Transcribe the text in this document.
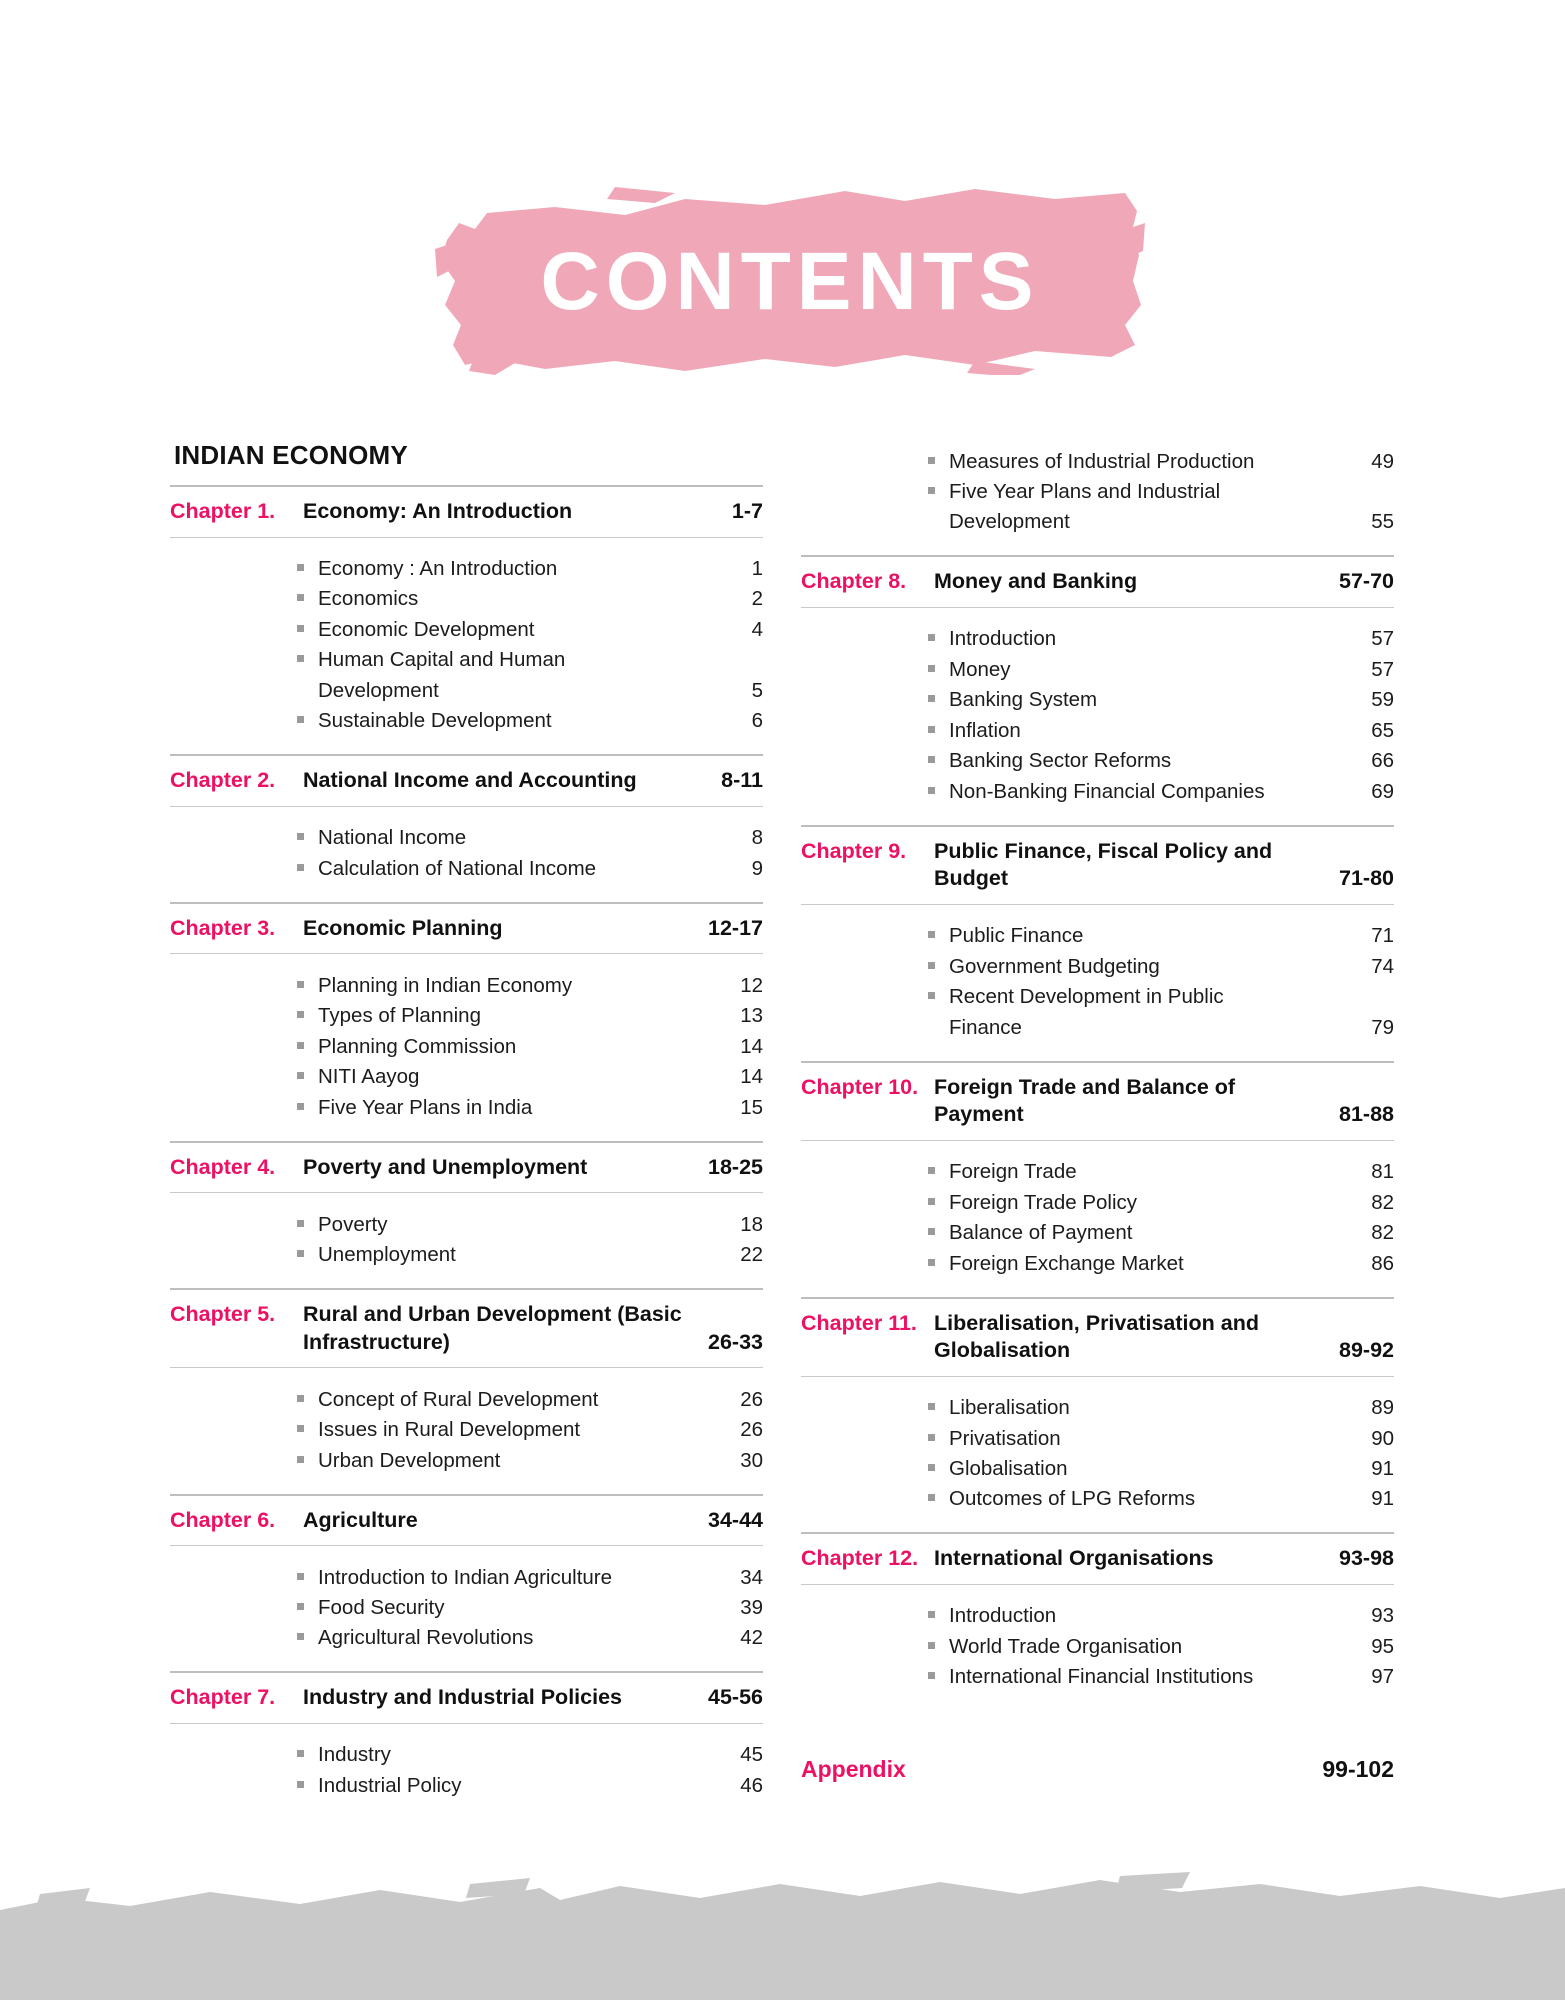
CONTENTS
INDIAN ECONOMY
Chapter 1.	Economy: An Introduction	1-7
Economy : An Introduction	1
Economics	2
Economic Development	4
Human Capital and Human
Development	5
Sustainable Development	6
Chapter 2.	National Income and Accounting	8-11
National Income	8
Calculation of National Income	9
Chapter 3.	Economic Planning	12-17
Planning in Indian Economy	12
Types of Planning	13
Planning Commission	14
NITI Aayog	14
Five Year Plans in India	15
Chapter 4.	Poverty and Unemployment	18-25
Poverty	18
Unemployment	22
Chapter 5.	Rural and Urban Development (Basic Infrastructure)	26-33
Concept of Rural Development	26
Issues in Rural Development	26
Urban Development	30
Chapter 6.	Agriculture	34-44
Introduction to Indian Agriculture	34
Food Security	39
Agricultural Revolutions	42
Chapter 7.	Industry and Industrial Policies	45-56
Industry	45
Industrial Policy	46
Measures of Industrial Production	49
Five Year Plans and Industrial
Development	55
Chapter 8.	Money and Banking	57-70
Introduction	57
Money	57
Banking System	59
Inflation	65
Banking Sector Reforms	66
Non-Banking Financial Companies	69
Chapter 9.	Public Finance, Fiscal Policy and Budget	71-80
Public Finance	71
Government Budgeting	74
Recent Development in Public
Finance	79
Chapter 10. Foreign Trade and Balance of Payment	81-88
Foreign Trade	81
Foreign Trade Policy	82
Balance of Payment	82
Foreign Exchange Market	86
Chapter 11. Liberalisation, Privatisation and Globalisation	89-92
Liberalisation	89
Privatisation	90
Globalisation	91
Outcomes of LPG Reforms	91
Chapter 12. International Organisations	93-98
Introduction	93
World Trade Organisation	95
International Financial Institutions	97
Appendix	99-102
